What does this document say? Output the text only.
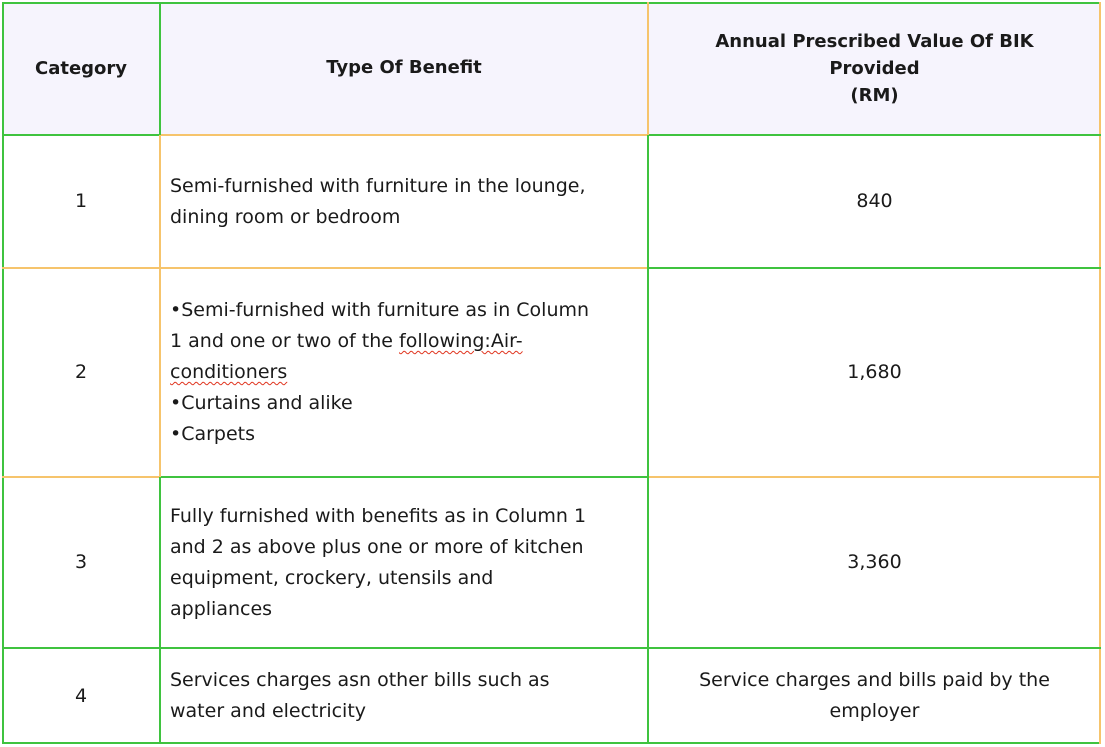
Category	Type Of Benefit
Annual Prescribed Value Of BIK
Provided
(RM)
1
Semi-furnished with furniture in the lounge,
dining room or bedroom
840
2
•Semi-furnished with furniture as in Column
1 and one or two of the following:Air-
conditioners
•Curtains and alike
•Carpets
1,680
3
Fully furnished with benefits as in Column 1
and 2 as above plus one or more of kitchen
equipment, crockery, utensils and
appliances
3,360
4
Services charges asn other bills such as
water and electricity
Service charges and bills paid by the
employer
